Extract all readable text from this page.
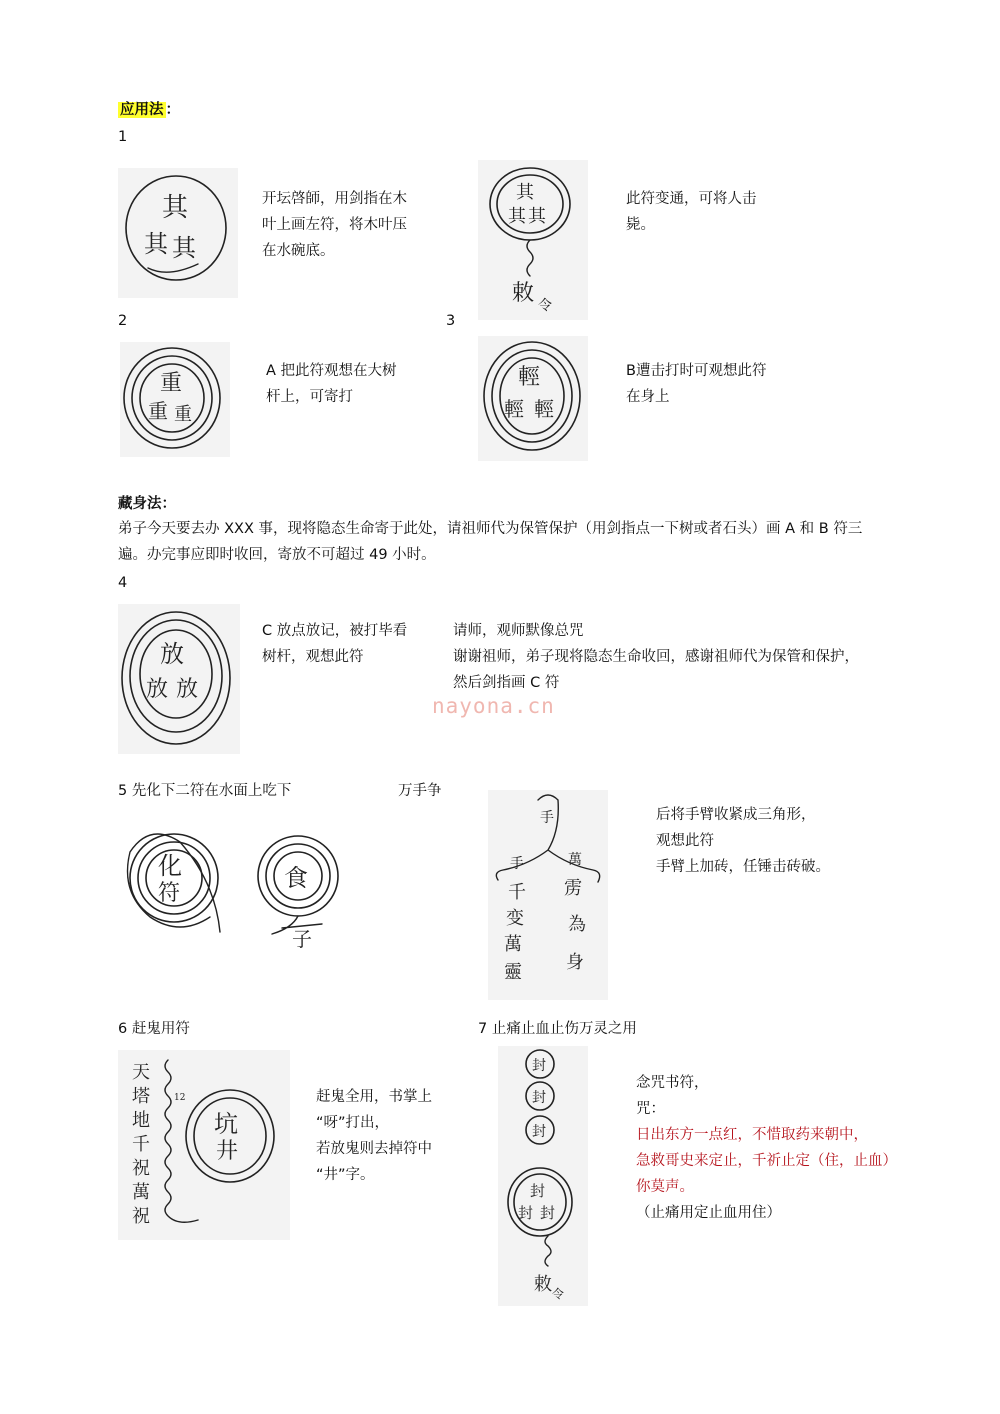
应用法 ：
1
其
其 其
开坛啓師，用剑指在木
叶上画左符，将木叶压
在水碗底。
其
其 其
敕 令
此符变通，可将人击
毙。
2	3
重
重 重
A 把此符观想在大树
杆上，可寄打
輕
輕 輕
B遭击打时可观想此符
在身上
藏身法：
弟子今天要去办 XXX 事，现将隐态生命寄于此处，请祖师代为保管保护（用剑指点一下树或者石头）画 A 和 B 符三
遍。办完事应即时收回，寄放不可超过 49 小时。
4
放
放 放
C 放点放记，被打毕看
树杆，观想此符
请师，观师默像总咒
谢谢祖师，弟子现将隐态生命收回，感谢祖师代为保管和保护，
然后剑指画 C 符
nayona.cn
5 先化下二符在水面上吃下	万手争
化
符
食
子
手
手	萬
千
变
萬
靈
雳
為
身
后将手臂收紧成三角形，
观想此符
手臂上加砖，任锤击砖破。
6 赶鬼用符
天
塔
地
千
祝
萬
祝
12
坑
井
赶鬼全用，书掌上
“呀”打出，
若放鬼则去掉符中
“井”字。
7 止痛止血止伤万灵之用
封
封
封
封
封 封
敕 令
念咒书符，
咒：
日出东方一点红，不惜取药来朝中，
急救哥史来定止，千祈止定（住，止血）
你莫声。
（止痛用定止血用住）
